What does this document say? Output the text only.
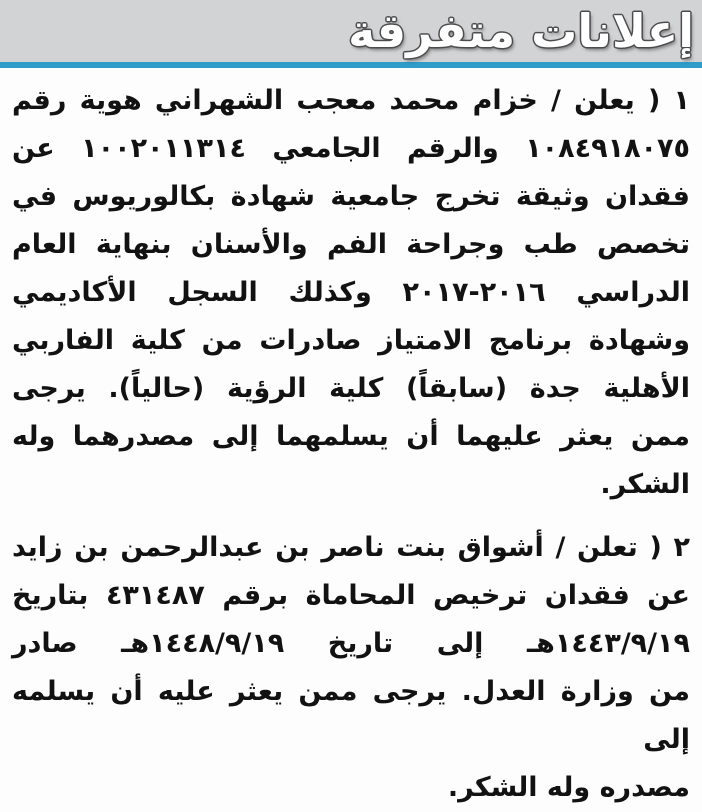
إعلانات متفرقة
١ ( يعلن / خزام محمد معجب الشهراني هوية رقم
١٠٨٤٩١٨٠٧٥ والرقم الجامعي ١٠٠٢٠١١٣١٤ عن
فقدان وثيقة تخرج جامعية شهادة بكالوريوس في
تخصص طب وجراحة الفم والأسنان بنهاية العام
الدراسي ٢٠١٦-٢٠١٧ وكذلك السجل الأكاديمي
وشهادة برنامج الامتياز صادرات من كلية الفاربي
الأهلية جدة (سابقاً) كلية الرؤية (حالياً). يرجى
ممن يعثر عليهما أن يسلمهما إلى مصدرهما وله
الشكر.
٢ ( تعلن / أشواق بنت ناصر بن عبدالرحمن بن زايد
عن فقدان ترخيص المحاماة برقم ٤٣١٤٨٧ بتاريخ
١٤٤٣/٩/١٩هـ إلى تاريخ ١٤٤٨/٩/١٩هـ صادر
من وزارة العدل. يرجى ممن يعثر عليه أن يسلمه إلى
مصدره وله الشكر.
